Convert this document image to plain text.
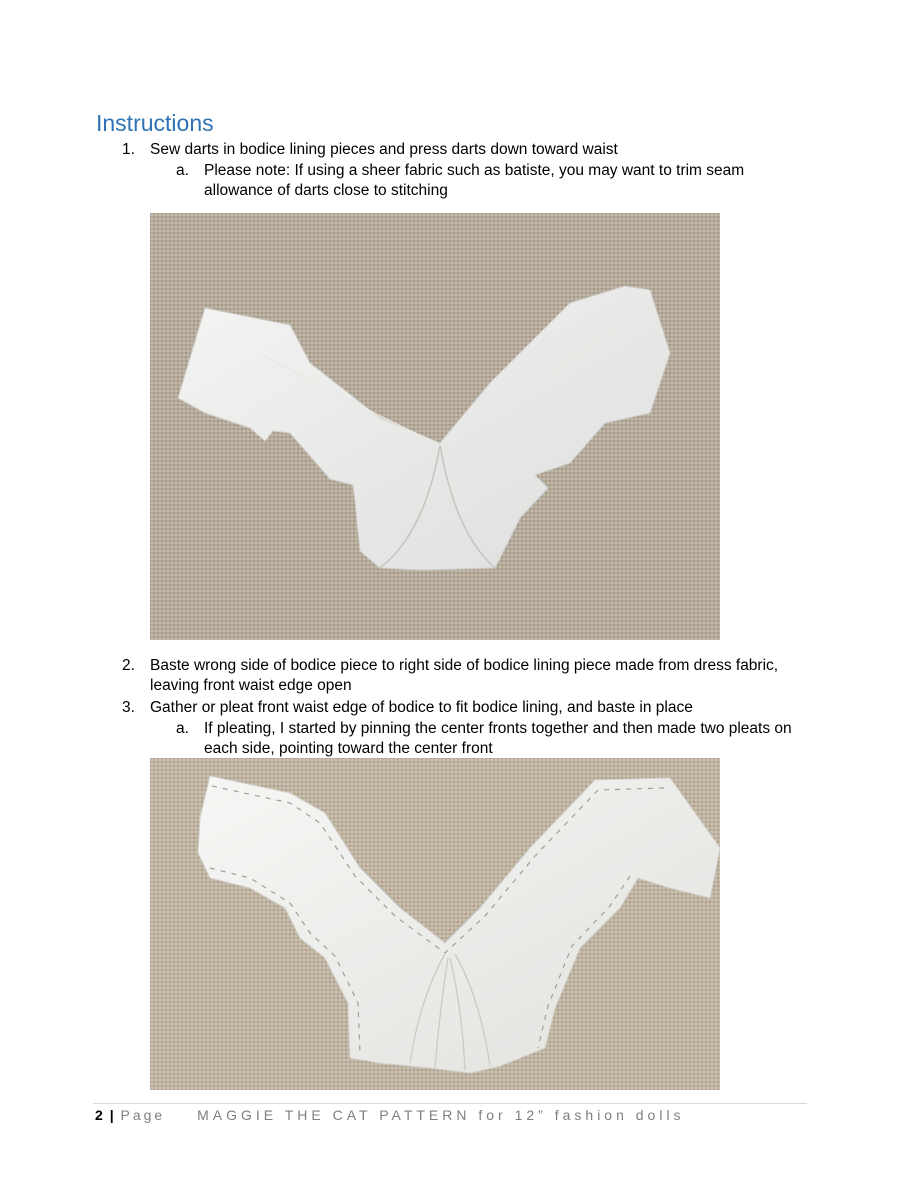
Instructions
1. Sew darts in bodice lining pieces and press darts down toward waist
a. Please note: If using a sheer fabric such as batiste, you may want to trim seam allowance of darts close to stitching
2. Baste wrong side of bodice piece to right side of bodice lining piece made from dress fabric, leaving front waist edge open
3. Gather or pleat front waist edge of bodice to fit bodice lining, and baste in place
a. If pleating, I started by pinning the center fronts together and then made two pleats on each side, pointing toward the center front
2 | Page MAGGIE THE CAT PATTERN for 12” fashion dolls
